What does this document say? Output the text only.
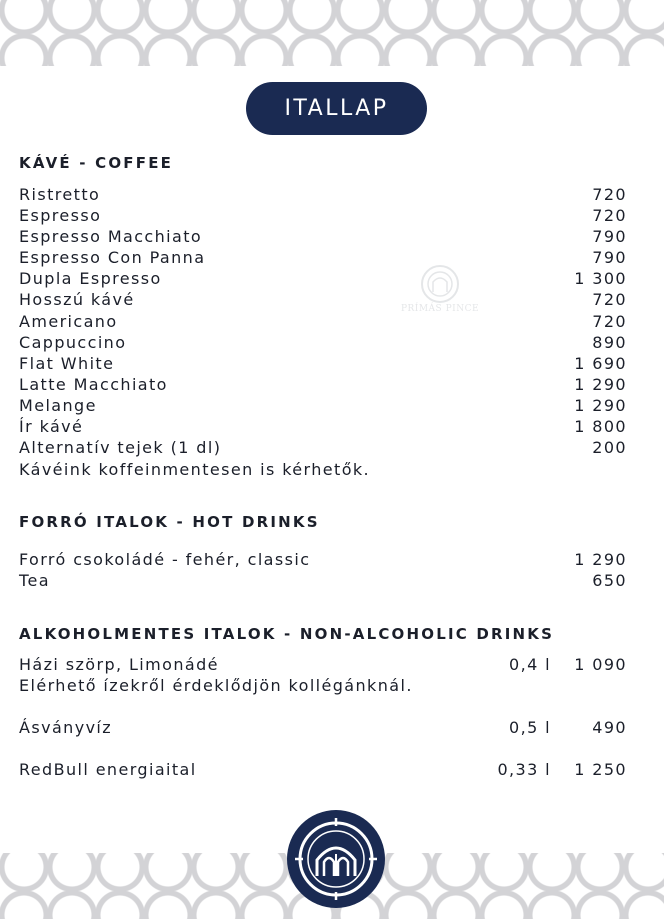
ITALLAP
KÁVÉ - COFFEE
Ristretto	720
Espresso	720
Espresso Macchiato	790
Espresso Con Panna	790
Dupla Espresso	1 300
Hosszú kávé	720
Americano	720
Cappuccino	890
Flat White	1 690
Latte Macchiato	1 290
Melange	1 290
Ír kávé	1 800
Alternatív tejek (1 dl)	200
Kávéink koffeinmentesen is kérhetők.
PRÍMÁS PINCE
FORRÓ ITALOK - HOT DRINKS
Forró csokoládé - fehér, classic	1 290
Tea	650
ALKOHOLMENTES ITALOK - NON-ALCOHOLIC DRINKS
Házi szörp, Limonádé	0,4 l 1 090
Elérhető ízekről érdeklődjön kollégánknál.
Ásványvíz	0,5 l	490
RedBull energiaital	0,33 l 1 250
